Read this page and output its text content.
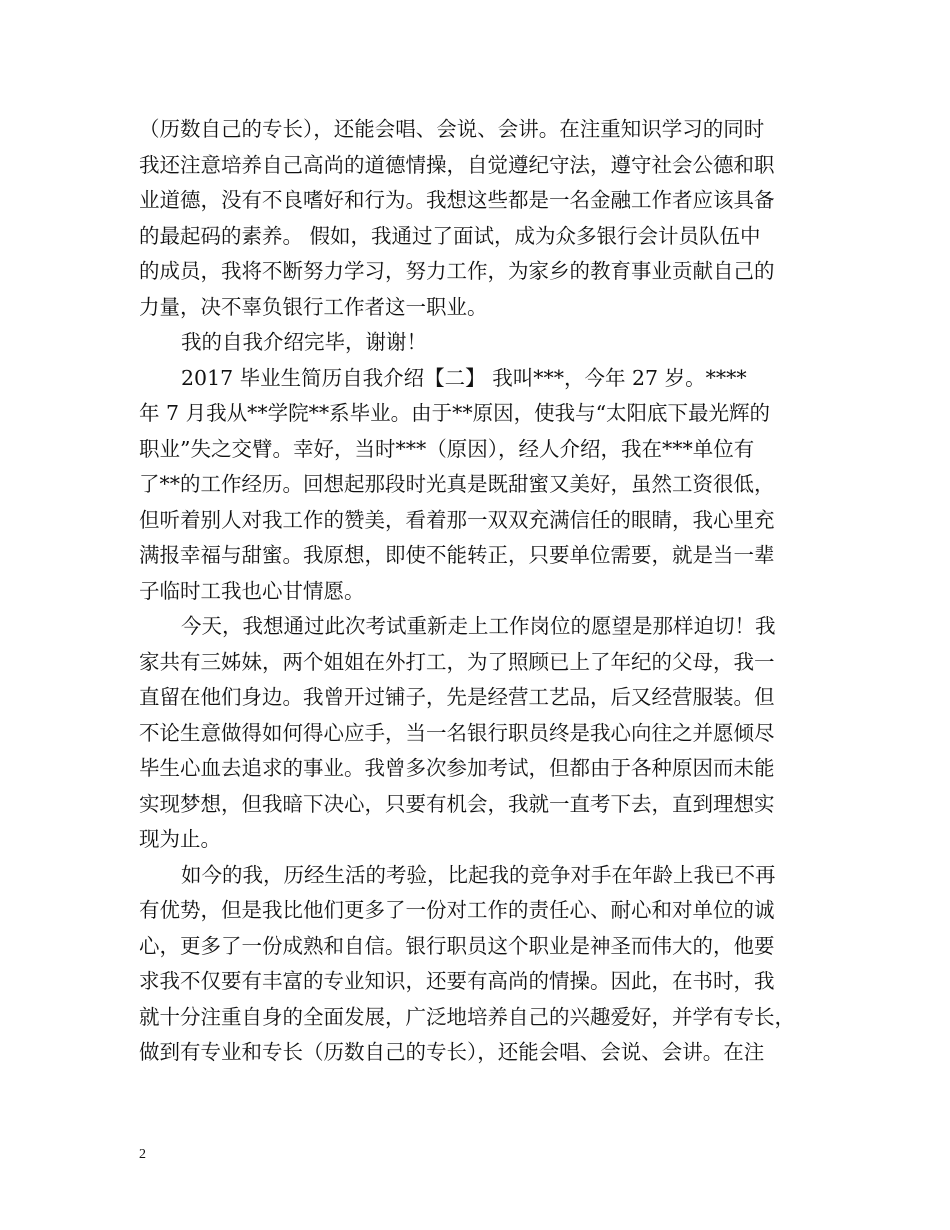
（历数自己的专长），还能会唱、会说、会讲。在注重知识学习的同时
我还注意培养自己高尚的道德情操，自觉遵纪守法，遵守社会公德和职
业道德，没有不良嗜好和行为。我想这些都是一名金融工作者应该具备
的最起码的素养。 假如，我通过了面试，成为众多银行会计员队伍中
的成员，我将不断努力学习，努力工作，为家乡的教育事业贡献自己的
力量，决不辜负银行工作者这一职业。
我的自我介绍完毕，谢谢！
2017 毕业生简历自我介绍【二】 我叫***，今年 27 岁。****
年 7 月我从**学院**系毕业。由于**原因，使我与“太阳底下最光辉的
职业”失之交臂。幸好，当时***（原因），经人介绍，我在***单位有
了**的工作经历。回想起那段时光真是既甜蜜又美好，虽然工资很低，
但听着别人对我工作的赞美，看着那一双双充满信任的眼睛，我心里充
满报幸福与甜蜜。我原想，即使不能转正，只要单位需要，就是当一辈
子临时工我也心甘情愿。
今天，我想通过此次考试重新走上工作岗位的愿望是那样迫切！我
家共有三姊妹，两个姐姐在外打工，为了照顾已上了年纪的父母，我一
直留在他们身边。我曾开过铺子，先是经营工艺品，后又经营服装。但
不论生意做得如何得心应手，当一名银行职员终是我心向往之并愿倾尽
毕生心血去追求的事业。我曾多次参加考试，但都由于各种原因而未能
实现梦想，但我暗下决心，只要有机会，我就一直考下去，直到理想实
现为止。
如今的我，历经生活的考验，比起我的竞争对手在年龄上我已不再
有优势，但是我比他们更多了一份对工作的责任心、耐心和对单位的诚
心，更多了一份成熟和自信。银行职员这个职业是神圣而伟大的，他要
求我不仅要有丰富的专业知识，还要有高尚的情操。因此，在书时，我
就十分注重自身的全面发展，广泛地培养自己的兴趣爱好，并学有专长，
做到有专业和专长（历数自己的专长），还能会唱、会说、会讲。在注
2
